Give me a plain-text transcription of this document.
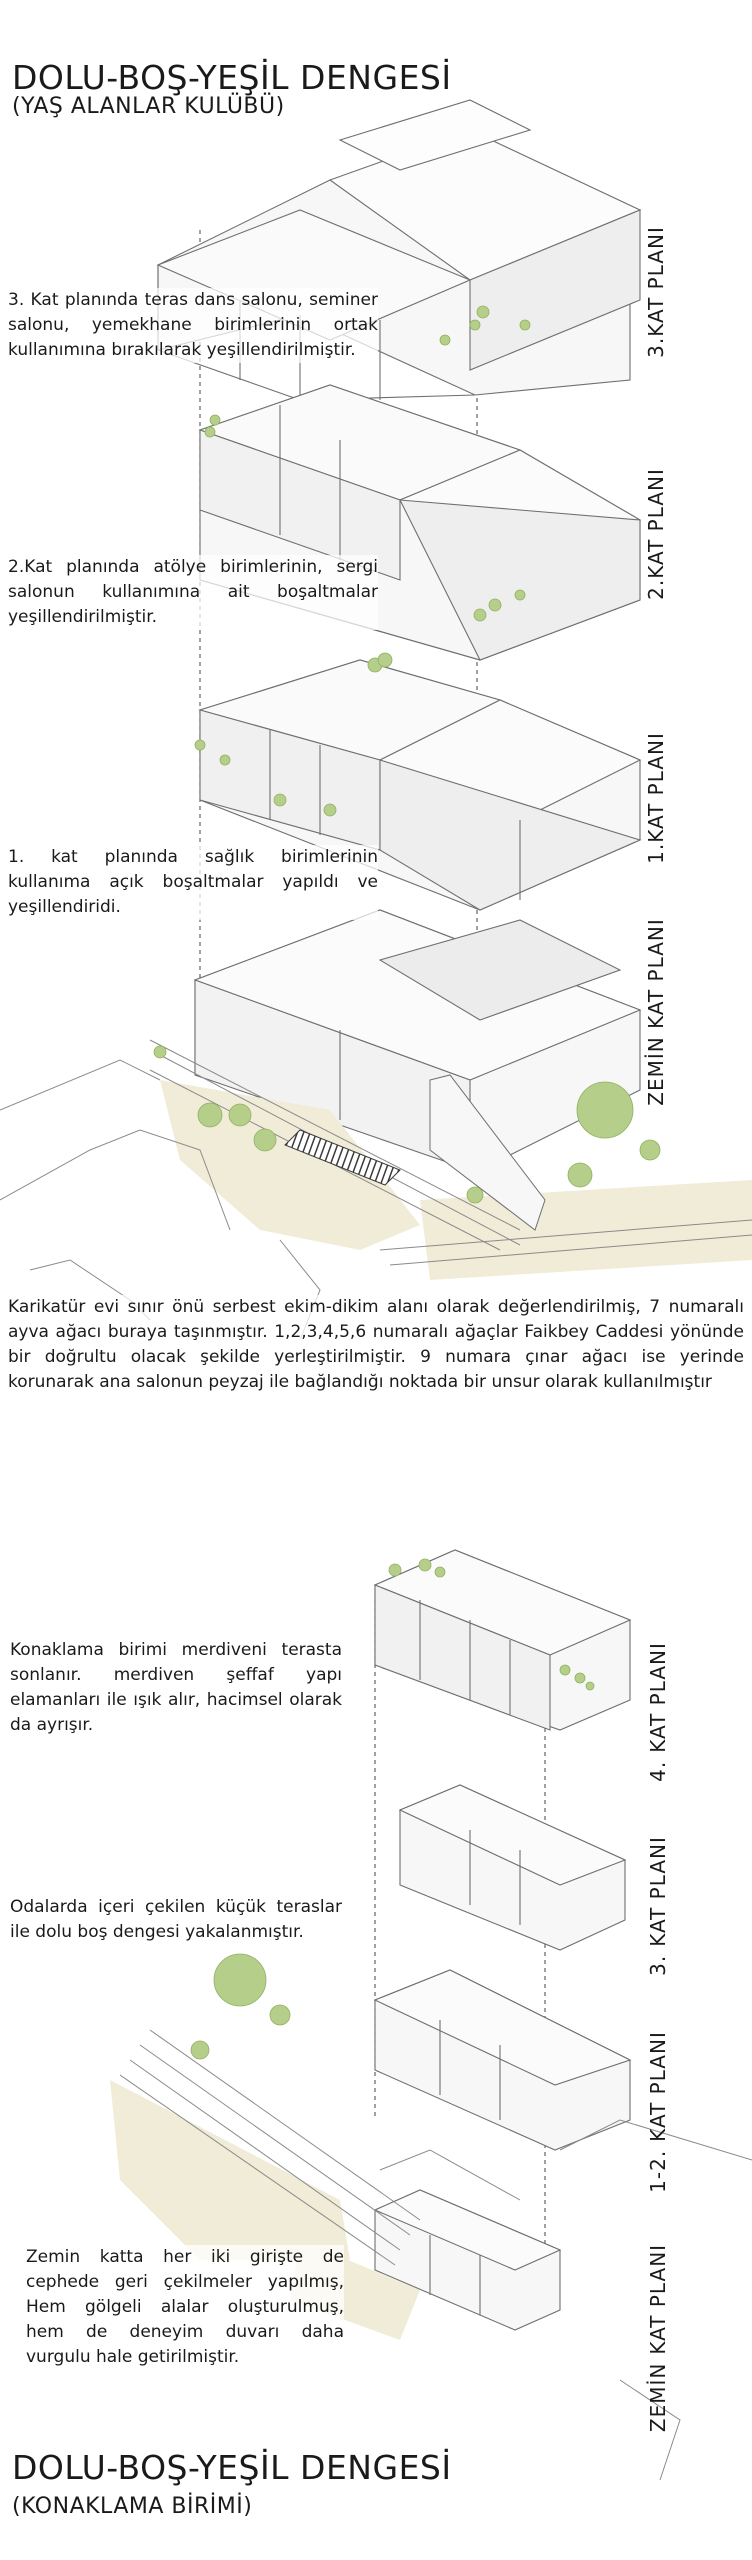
DOLU-BOŞ-YEŞİL DENGESİ
(YAŞ ALANLAR KULÜBÜ)

3. Kat planında teras dans salonu, seminer salonu, yemekhane birimlerinin ortak kullanımına bırakılarak yeşillendirilmiştir.

2.Kat planında atölye birimlerinin, sergi salonun kullanımına ait boşaltmalar yeşillendirilmiştir.

1. kat planında sağlık birimlerinin kullanıma açık boşaltmalar yapıldı ve yeşillendiridi.

3.KAT PLANI
2.KAT PLANI
1.KAT PLANI
ZEMİN KAT PLANI

Karikatür evi sınır önü serbest ekim-dikim alanı olarak değerlendirilmiş, 7 numaralı ayva ağacı buraya taşınmıştır. 1,2,3,4,5,6 numaralı ağaçlar Faikbey Caddesi yönünde bir doğrultu olacak şekilde yerleştirilmiştir. 9 numara çınar ağacı ise yerinde korunarak ana salonun peyzaj ile bağlandığı noktada bir unsur olarak kullanılmıştır

Konaklama birimi merdiveni terasta sonlanır. merdiven şeffaf yapı elamanları ile ışık alır, hacimsel olarak da ayrışır.

Odalarda içeri çekilen küçük teraslar ile dolu boş dengesi yakalanmıştır.

Zemin katta her iki girişte de cephede geri çekilmeler yapılmış, Hem gölgeli alalar oluşturulmuş, hem de deneyim duvarı daha vurgulu hale getirilmiştir.

4.
KAT PLANI
3.
KAT PLANI
1-2.
KAT PLANI
ZEMİN
KAT PLANI
DOLU-BOŞ-YEŞİL DENGESİ
(KONAKLAMA BİRİMİ)
